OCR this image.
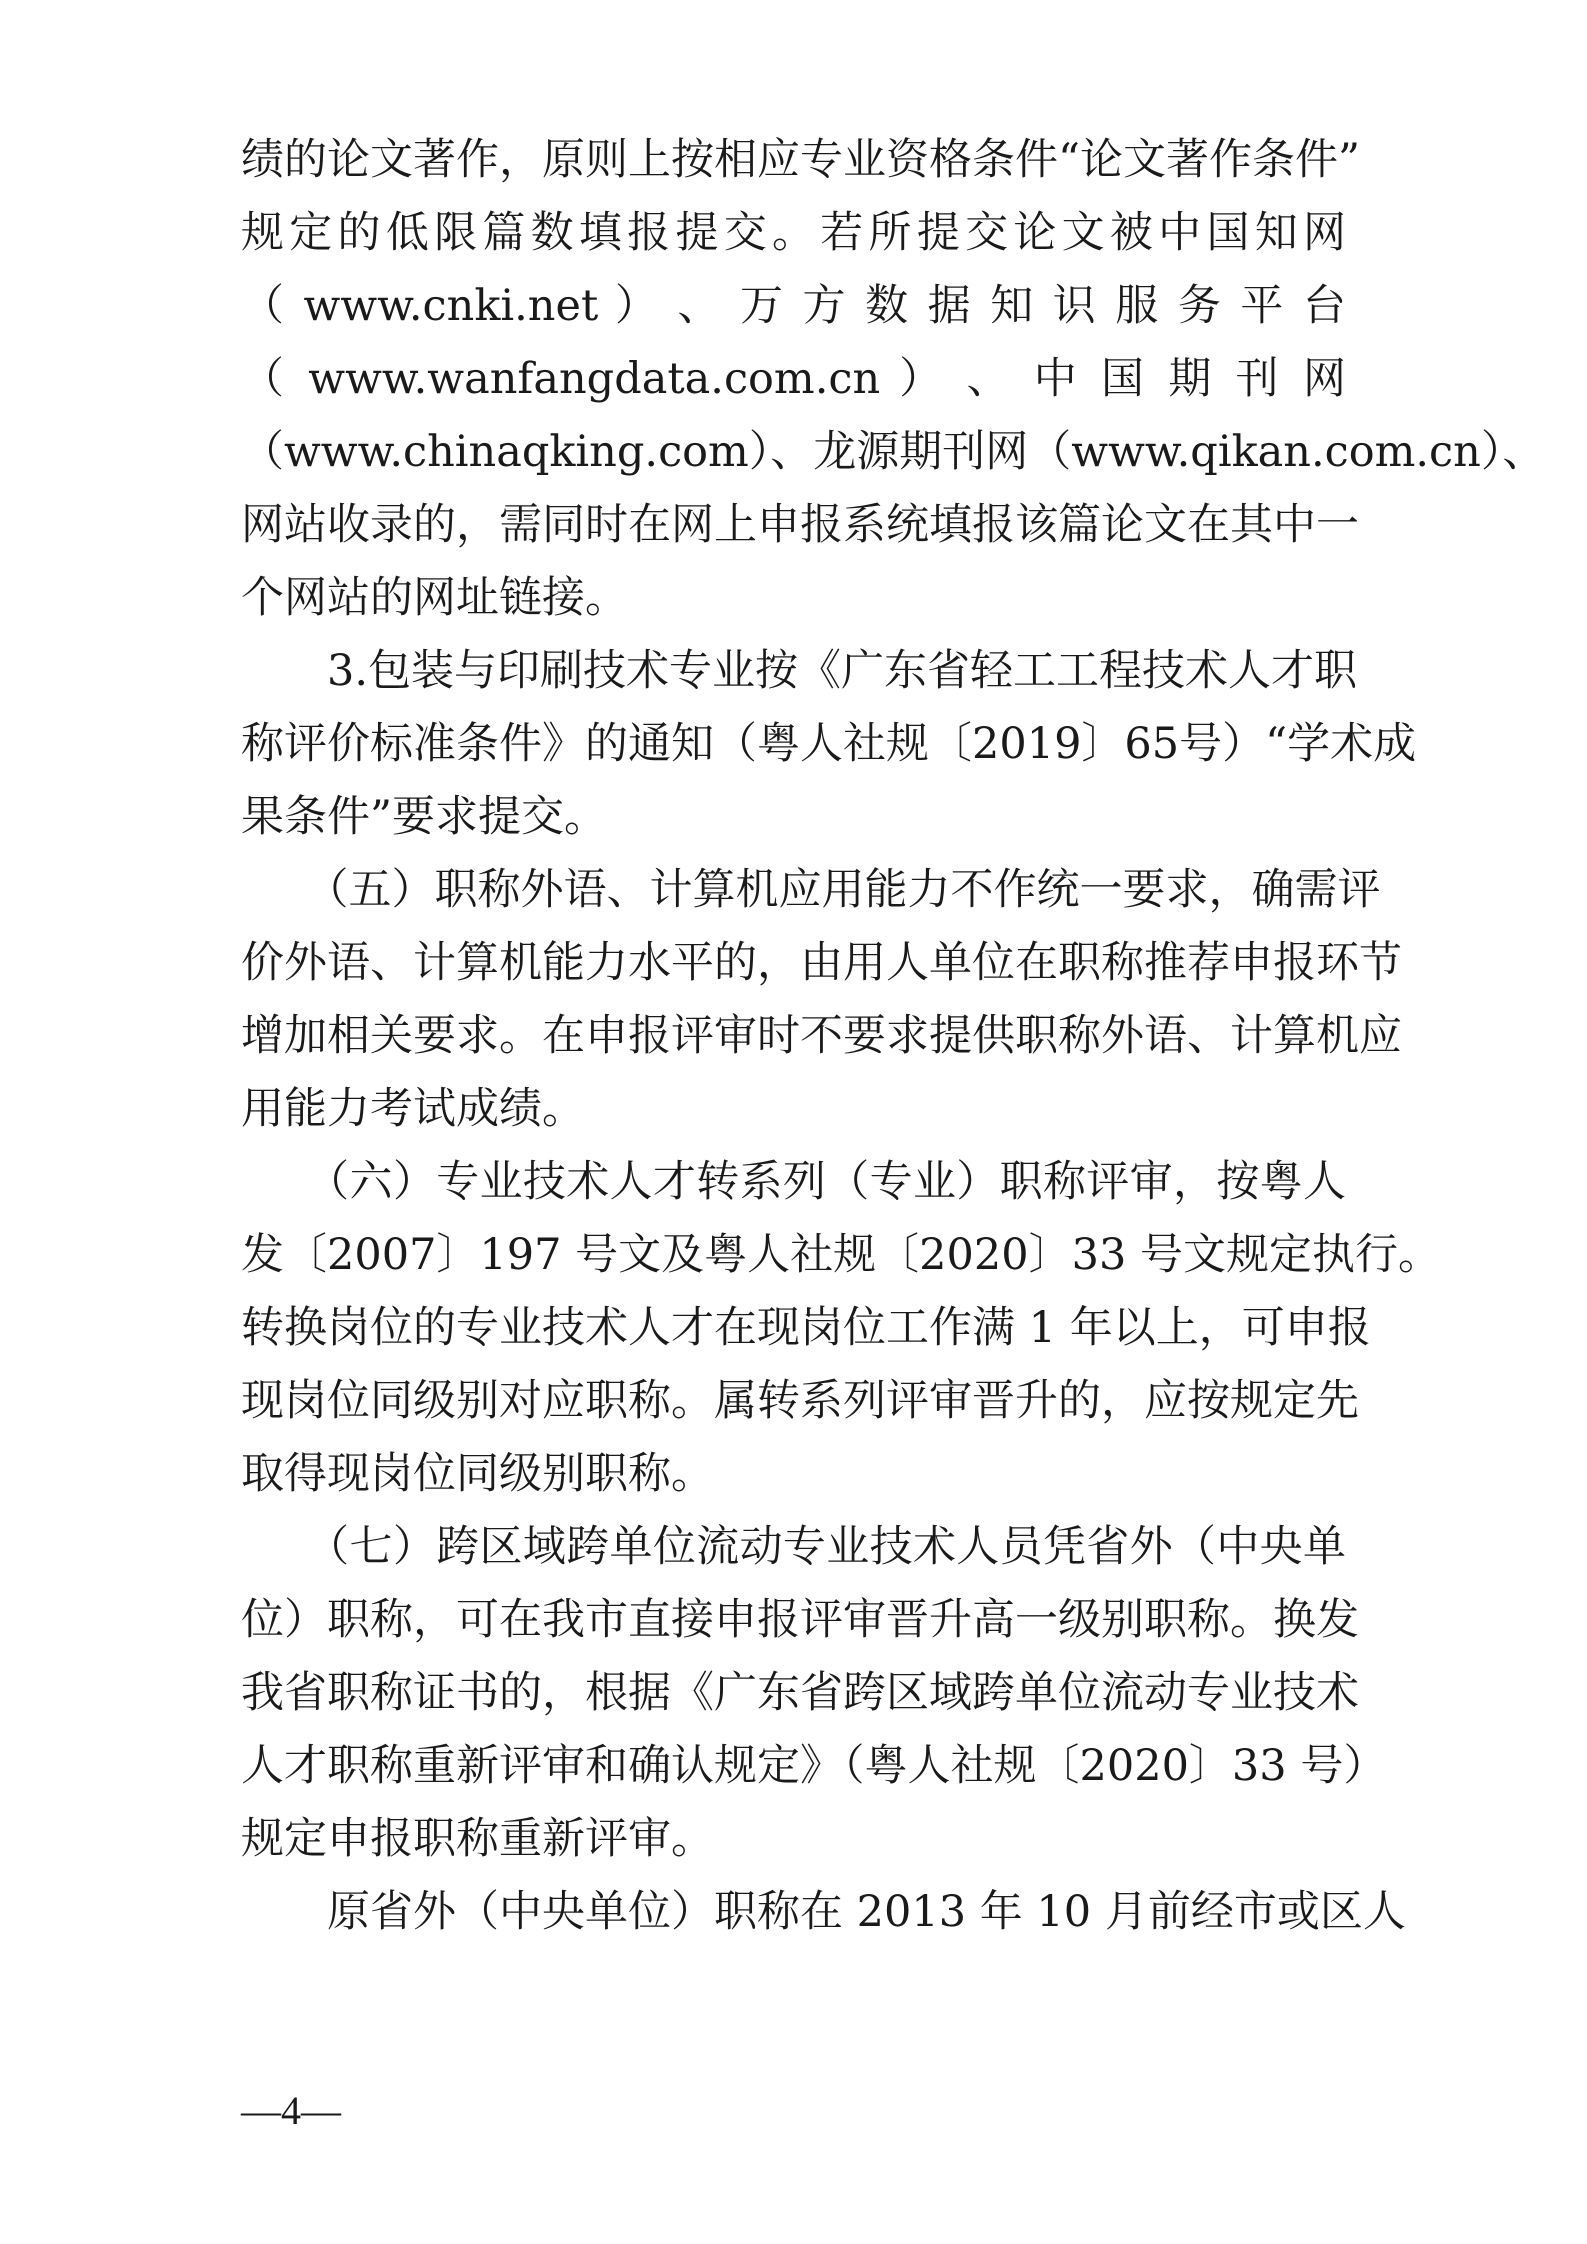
绩的论文著作，原则上按相应专业资格条件“论文著作条件”
规定的低限篇数填报提交。若所提交论文被中国知网
（ www.cnki.net ） 、 万 方 数 据 知 识 服 务 平 台
（ www.wanfangdata.com.cn ） 、 中 国 期 刊 网
（www.chinaqking.com）、龙源期刊网（www.qikan.com.cn）、
网站收录的，需同时在网上申报系统填报该篇论文在其中一
个网站的网址链接。
　　3.包装与印刷技术专业按《广东省轻工工程技术人才职
称评价标准条件》的通知（粤人社规〔2019〕65号）“学术成
果条件”要求提交。
　　（五）职称外语、计算机应用能力不作统一要求，确需评
价外语、计算机能力水平的，由用人单位在职称推荐申报环节
增加相关要求。在申报评审时不要求提供职称外语、计算机应
用能力考试成绩。
　　（六）专业技术人才转系列（专业）职称评审，按粤人
发〔2007〕197 号文及粤人社规〔2020〕33 号文规定执行。
转换岗位的专业技术人才在现岗位工作满 1 年以上，可申报
现岗位同级别对应职称。属转系列评审晋升的，应按规定先
取得现岗位同级别职称。
　　（七）跨区域跨单位流动专业技术人员凭省外（中央单
位）职称，可在我市直接申报评审晋升高一级别职称。换发
我省职称证书的，根据《广东省跨区域跨单位流动专业技术
人才职称重新评审和确认规定》（粤人社规〔2020〕33 号）
规定申报职称重新评审。
　　原省外（中央单位）职称在 2013 年 10 月前经市或区人
—4—
